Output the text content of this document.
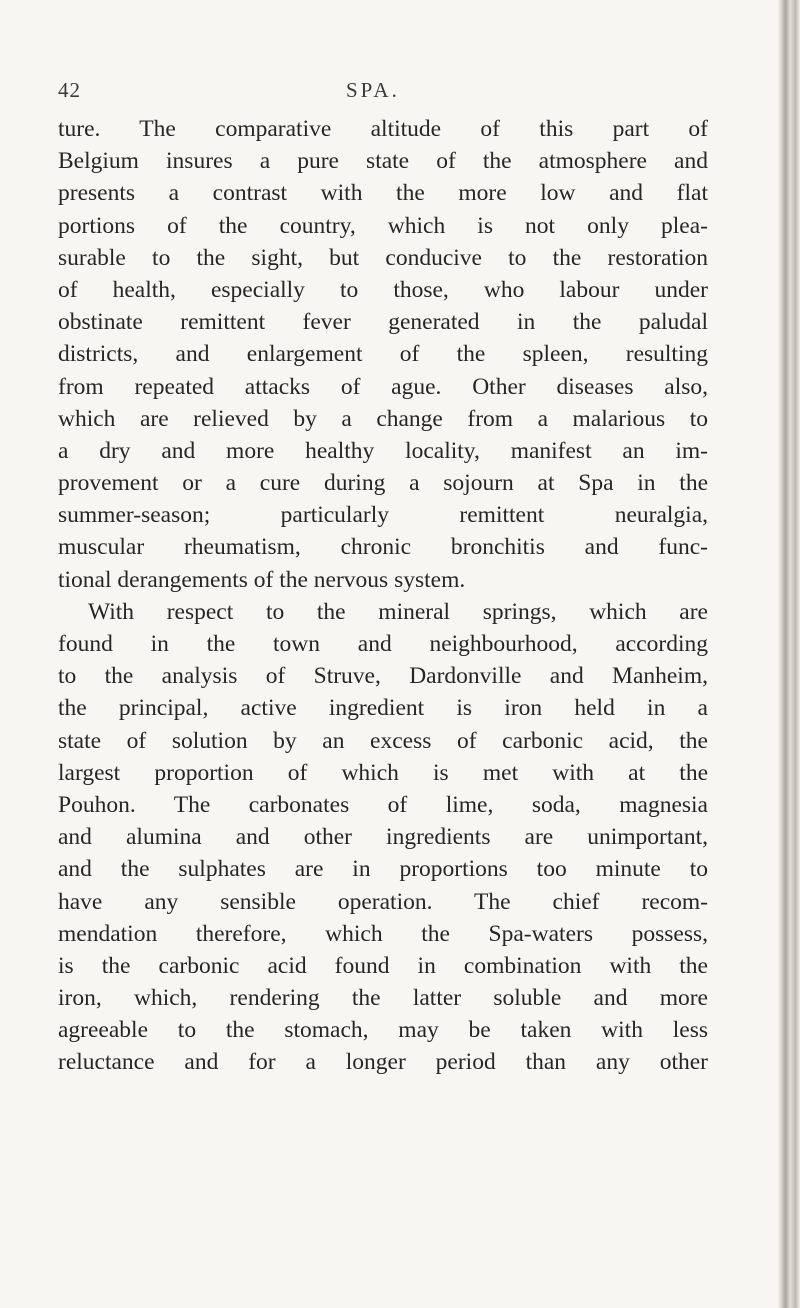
42	SPA.
ture. The comparative altitude of this part of
Belgium insures a pure state of the atmosphere and
presents a contrast with the more low and flat
portions of the country, which is not only plea-
surable to the sight, but conducive to the restoration
of health, especially to those, who labour under
obstinate remittent fever generated in the paludal
districts, and enlargement of the spleen, resulting
from repeated attacks of ague. Other diseases also,
which are relieved by a change from a malarious to
a dry and more healthy locality, manifest an im-
provement or a cure during a sojourn at Spa in the
summer-season; particularly remittent neuralgia,
muscular rheumatism, chronic bronchitis and func-
tional derangements of the nervous system.
With respect to the mineral springs, which are
found in the town and neighbourhood, according
to the analysis of Struve, Dardonville and Manheim,
the principal, active ingredient is iron held in a
state of solution by an excess of carbonic acid, the
largest proportion of which is met with at the
Pouhon. The carbonates of lime, soda, magnesia
and alumina and other ingredients are unimportant,
and the sulphates are in proportions too minute to
have any sensible operation. The chief recom-
mendation therefore, which the Spa-waters possess,
is the carbonic acid found in combination with the
iron, which, rendering the latter soluble and more
agreeable to the stomach, may be taken with less
reluctance and for a longer period than any other
